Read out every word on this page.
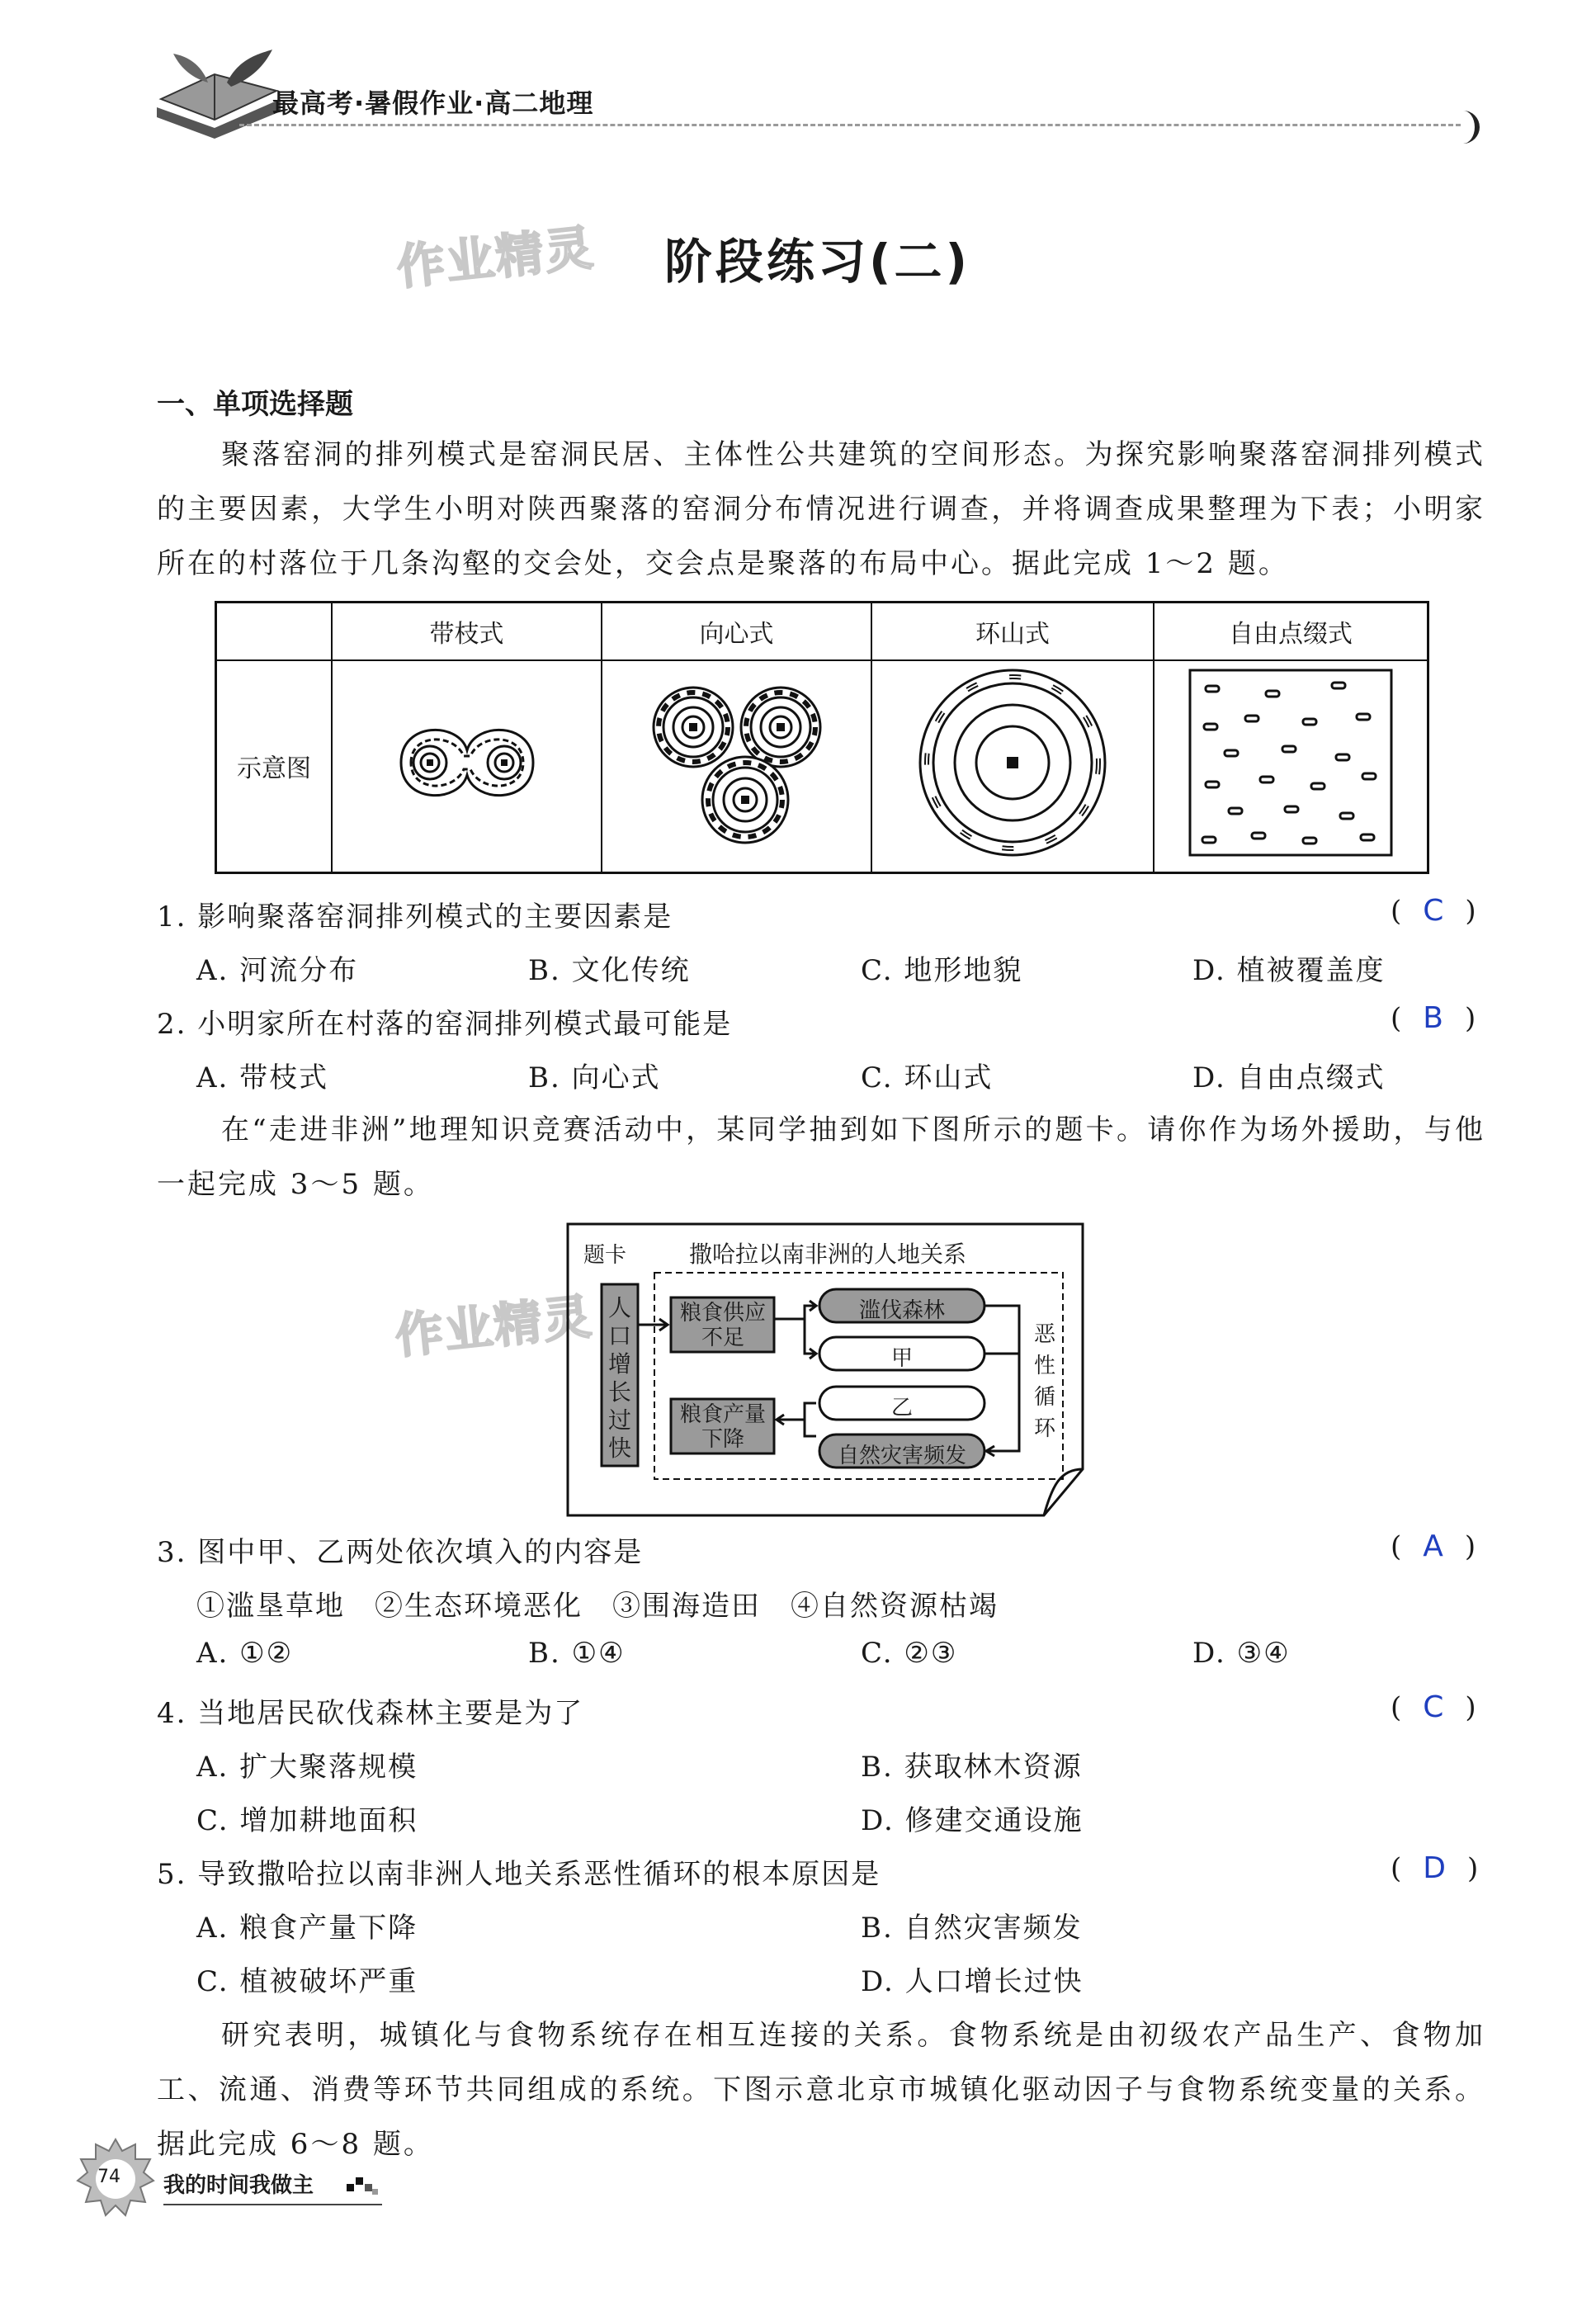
最高考·暑假作业·高二地理
作业精灵 阶段练习(二)
一、单项选择题
聚落窑洞的排列模式是窑洞民居、主体性公共建筑的空间形态。为探究影响聚落窑洞排列模式的主要因素，大学生小明对陕西聚落的窑洞分布情况进行调查，并将调查成果整理为下表；小明家所在的村落位于几条沟壑的交会处，交会点是聚落的布局中心。据此完成 1～2 题。
	带枝式	向心式	环山式	自由点缀式
示意图				
1. 影响聚落窑洞排列模式的主要因素是	( C )
A. 河流分布	B. 文化传统	C. 地形地貌	D. 植被覆盖度
2. 小明家所在村落的窑洞排列模式最可能是	( B )
A. 带枝式	B. 向心式	C. 环山式	D. 自由点缀式
在“走进非洲”地理知识竞赛活动中，某同学抽到如下图所示的题卡。请你作为场外援助，与他一起完成 3～5 题。
作业精灵
题卡	撒哈拉以南非洲的人地关系
人口增长过快
粮食供应不足
粮食产量下降
滥伐森林
甲
乙
自然灾害频发
恶性循环
3. 图中甲、乙两处依次填入的内容是	( A )
①滥垦草地　②生态环境恶化　③围海造田　④自然资源枯竭
A. ①②	B. ①④	C. ②③	D. ③④
4. 当地居民砍伐森林主要是为了	( C )
A. 扩大聚落规模	B. 获取林木资源
C. 增加耕地面积	D. 修建交通设施
5. 导致撒哈拉以南非洲人地关系恶性循环的根本原因是	( D )
A. 粮食产量下降	B. 自然灾害频发
C. 植被破坏严重	D. 人口增长过快
研究表明，城镇化与食物系统存在相互连接的关系。食物系统是由初级农产品生产、食物加工、流通、消费等环节共同组成的系统。下图示意北京市城镇化驱动因子与食物系统变量的关系。据此完成 6～8 题。
74 我的时间我做主
